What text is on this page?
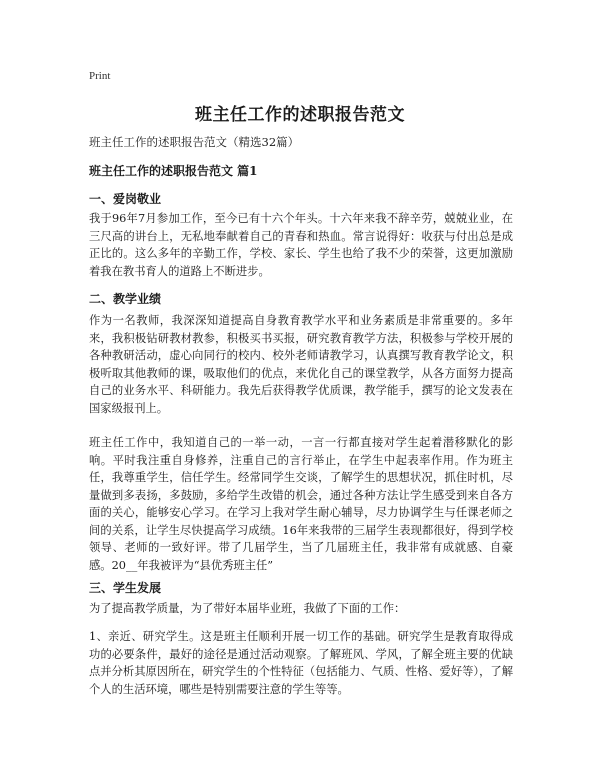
Print
班主任工作的述职报告范文
班主任工作的述职报告范文（精选32篇）
班主任工作的述职报告范文 篇1
一、爱岗敬业
我于96年7月参加工作，至今已有十六个年头。十六年来我不辞辛劳，兢兢业业，在三尺高的讲台上，无私地奉献着自己的青春和热血。常言说得好：收获与付出总是成正比的。这么多年的辛勤工作，学校、家长、学生也给了我不少的荣誉，这更加激励着我在教书育人的道路上不断进步。
二、教学业绩
作为一名教师，我深深知道提高自身教育教学水平和业务素质是非常重要的。多年来，我积极钻研教材教参，积极买书买报，研究教育教学方法，积极参与学校开展的各种教研活动，虚心向同行的校内、校外老师请教学习，认真撰写教育教学论文，积极听取其他教师的课，吸取他们的优点，来优化自己的课堂教学，从各方面努力提高自己的业务水平、科研能力。我先后获得教学优质课，教学能手，撰写的论文发表在国家级报刊上。
班主任工作中，我知道自己的一举一动，一言一行都直接对学生起着潜移默化的影响。平时我注重自身修养，注重自己的言行举止，在学生中起表率作用。作为班主任，我尊重学生，信任学生。经常同学生交谈，了解学生的思想状况，抓住时机，尽量做到多表扬，多鼓励，多给学生改错的机会，通过各种方法让学生感受到来自各方面的关心，能够安心学习。在学习上我对学生耐心辅导，尽力协调学生与任课老师之间的关系，让学生尽快提高学习成绩。16年来我带的三届学生表现都很好，得到学校领导、老师的一致好评。带了几届学生，当了几届班主任，我非常有成就感、自豪感。20__年我被评为“县优秀班主任”
三、学生发展
为了提高教学质量，为了带好本届毕业班，我做了下面的工作：
1、亲近、研究学生。这是班主任顺利开展一切工作的基础。研究学生是教育取得成功的必要条件，最好的途径是通过活动观察。了解班风、学风，了解全班主要的优缺点并分析其原因所在，研究学生的个性特征（包括能力、气质、性格、爱好等），了解个人的生活环境，哪些是特别需要注意的学生等等。
